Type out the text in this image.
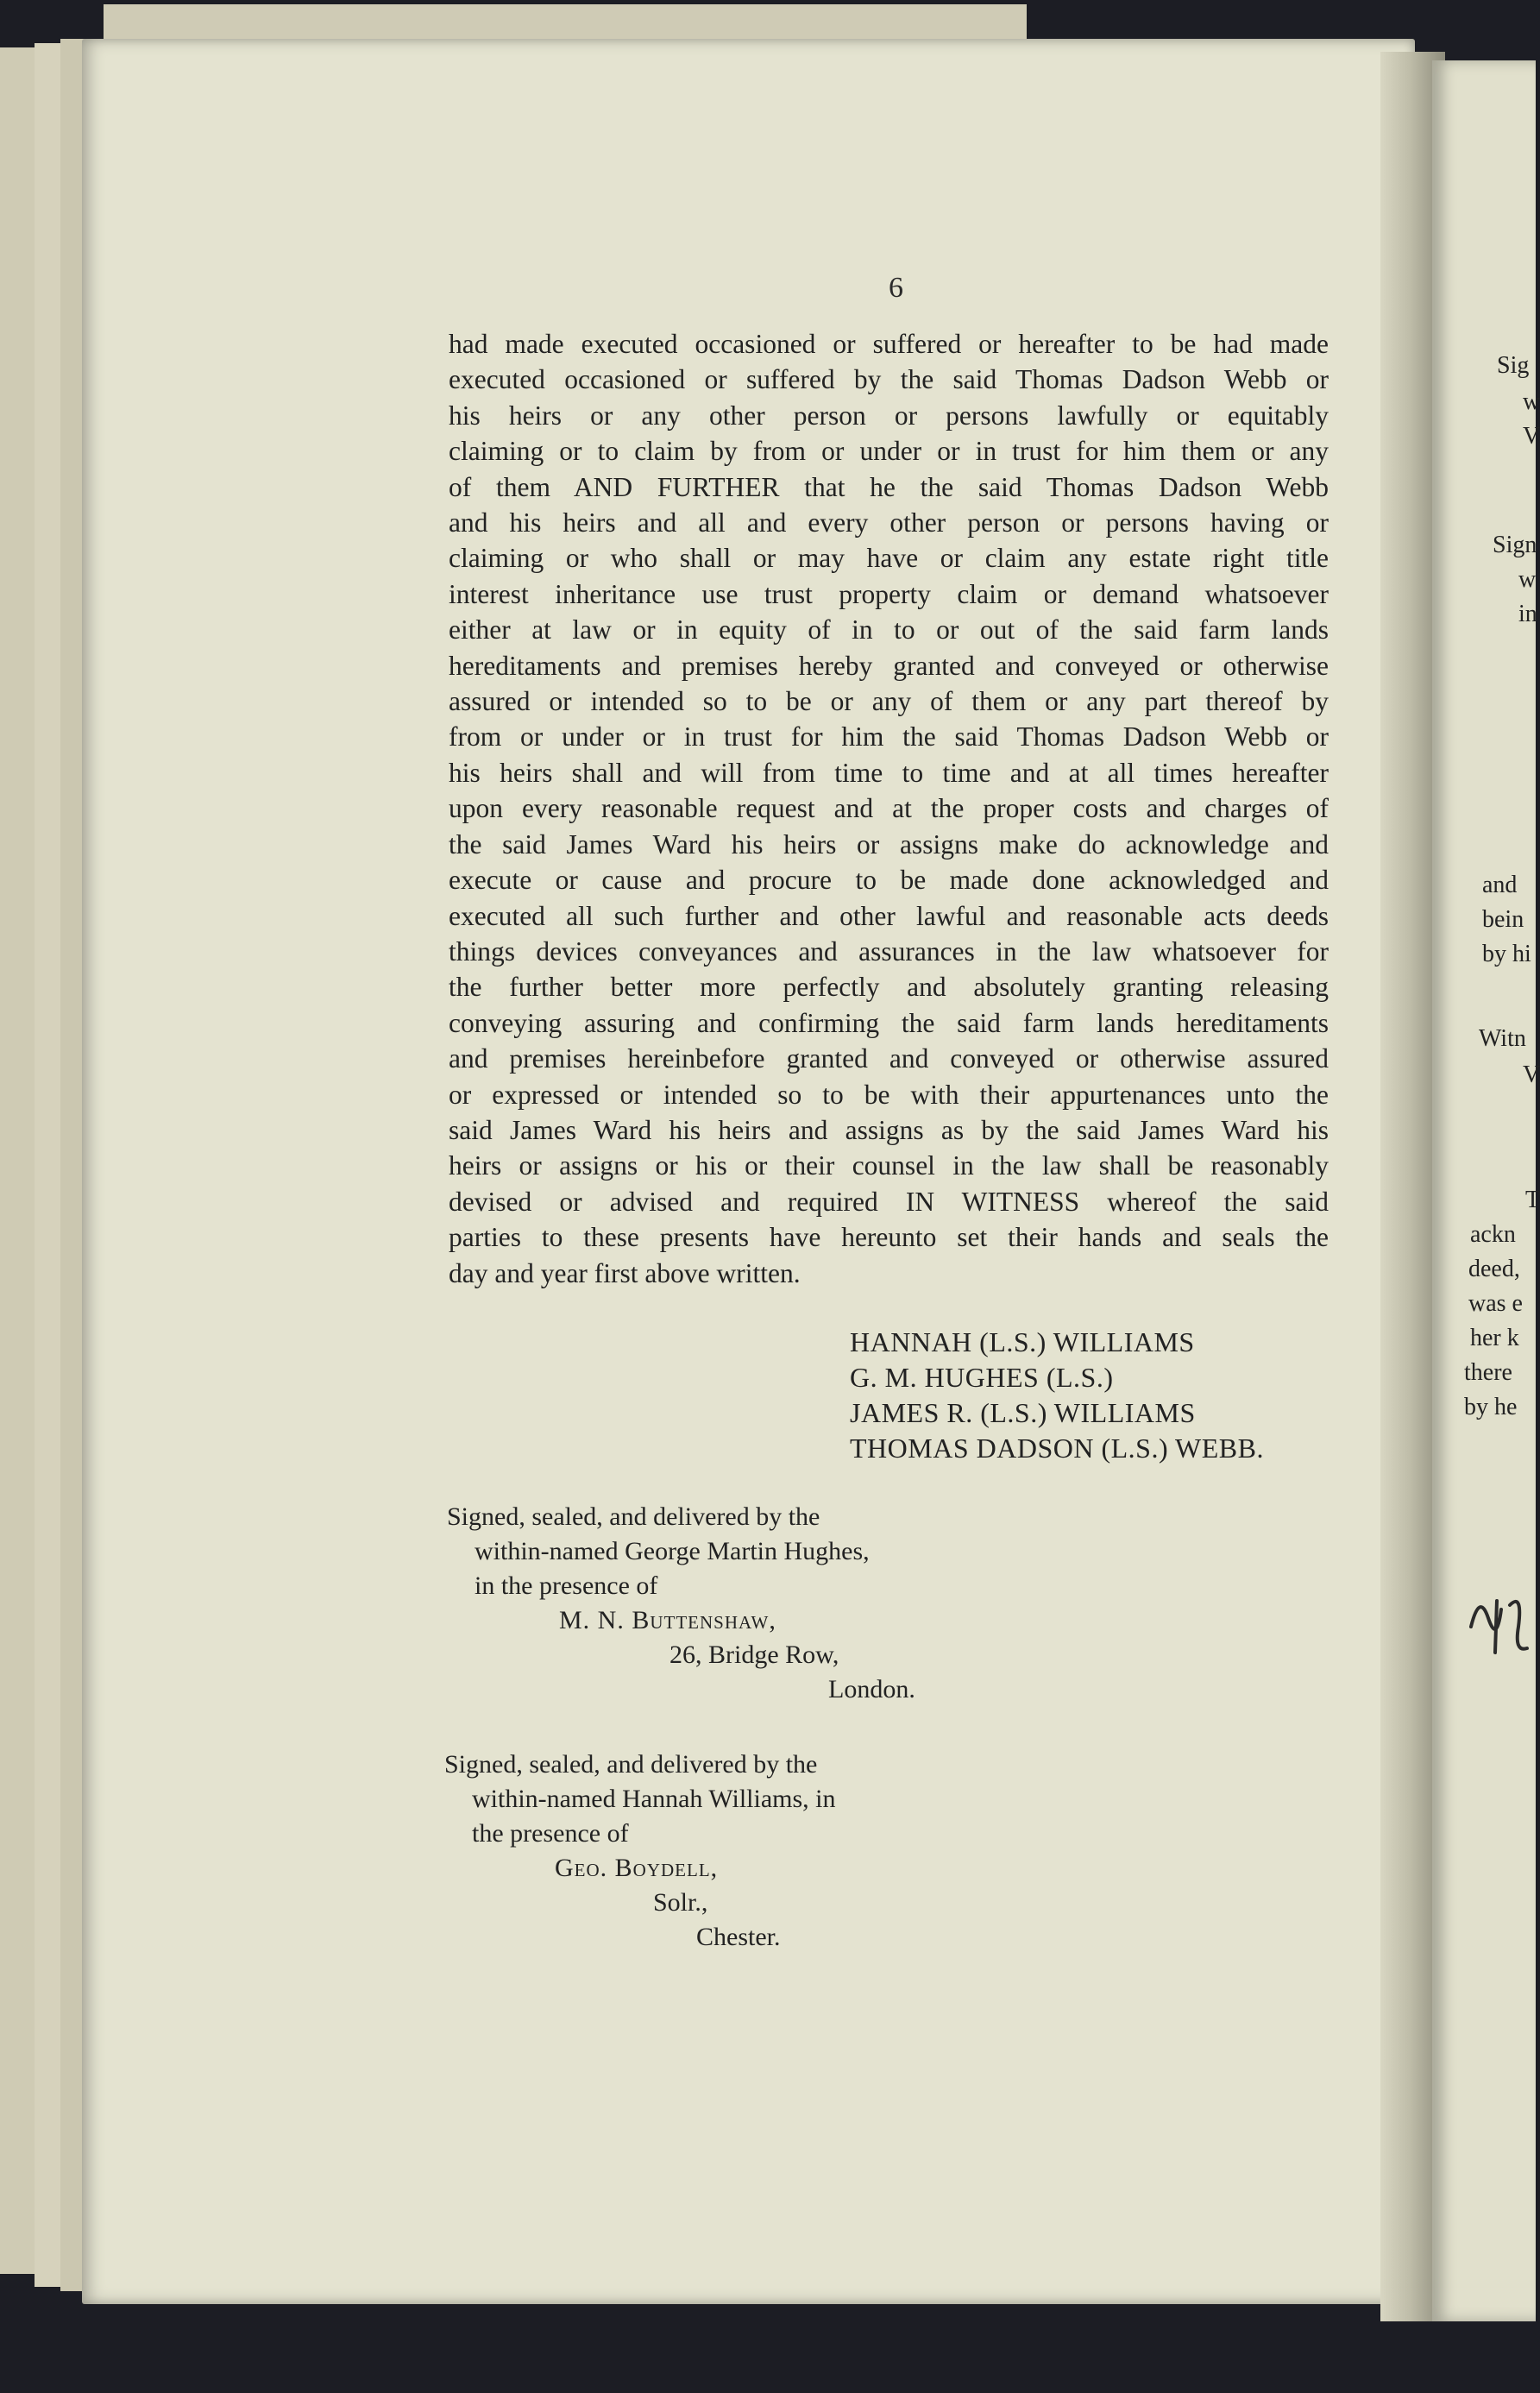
6

had made executed occasioned or suffered or hereafter to be had made
executed occasioned or suffered by the said Thomas Dadson Webb or
his heirs or any other person or persons lawfully or equitably
claiming or to claim by from or under or in trust for him them or any
of them AND FURTHER that he the said Thomas Dadson Webb
and his heirs and all and every other person or persons having or
claiming or who shall or may have or claim any estate right title
interest inheritance use trust property claim or demand whatsoever
either at law or in equity of in to or out of the said farm lands
hereditaments and premises hereby granted and conveyed or otherwise
assured or intended so to be or any of them or any part thereof by
from or under or in trust for him the said Thomas Dadson Webb or
his heirs shall and will from time to time and at all times hereafter
upon every reasonable request and at the proper costs and charges of
the said James Ward his heirs or assigns make do acknowledge and
execute or cause and procure to be made done acknowledged and
executed all such further and other lawful and reasonable acts deeds
things devices conveyances and assurances in the law whatsoever for
the further better more perfectly and absolutely granting releasing
conveying assuring and confirming the said farm lands hereditaments
and premises hereinbefore granted and conveyed or otherwise assured
or expressed or intended so to be with their appurtenances unto the
said James Ward his heirs and assigns as by the said James Ward his
heirs or assigns or his or their counsel in the law shall be reasonably
devised or advised and required IN WITNESS whereof the said
parties to these presents have hereunto set their hands and seals the
day and year first above written.

HANNAH (L.S.) WILLIAMS
G. M. HUGHES (L.S.)
JAMES R. (L.S.) WILLIAMS
THOMAS DADSON (L.S.) WEBB.
Signed, sealed, and delivered by the
within-named George Martin Hughes,
in the presence of
M. N. Buttenshaw,
26, Bridge Row,
London.
Signed, sealed, and delivered by the
within-named Hannah Williams, in
the presence of
Geo. Boydell,
Solr.,
Chester.
Sig
w
V
Sign
w
in
and
bein
by hi
Witn
V
T
ackn
deed,
was e
her k
there
by he
